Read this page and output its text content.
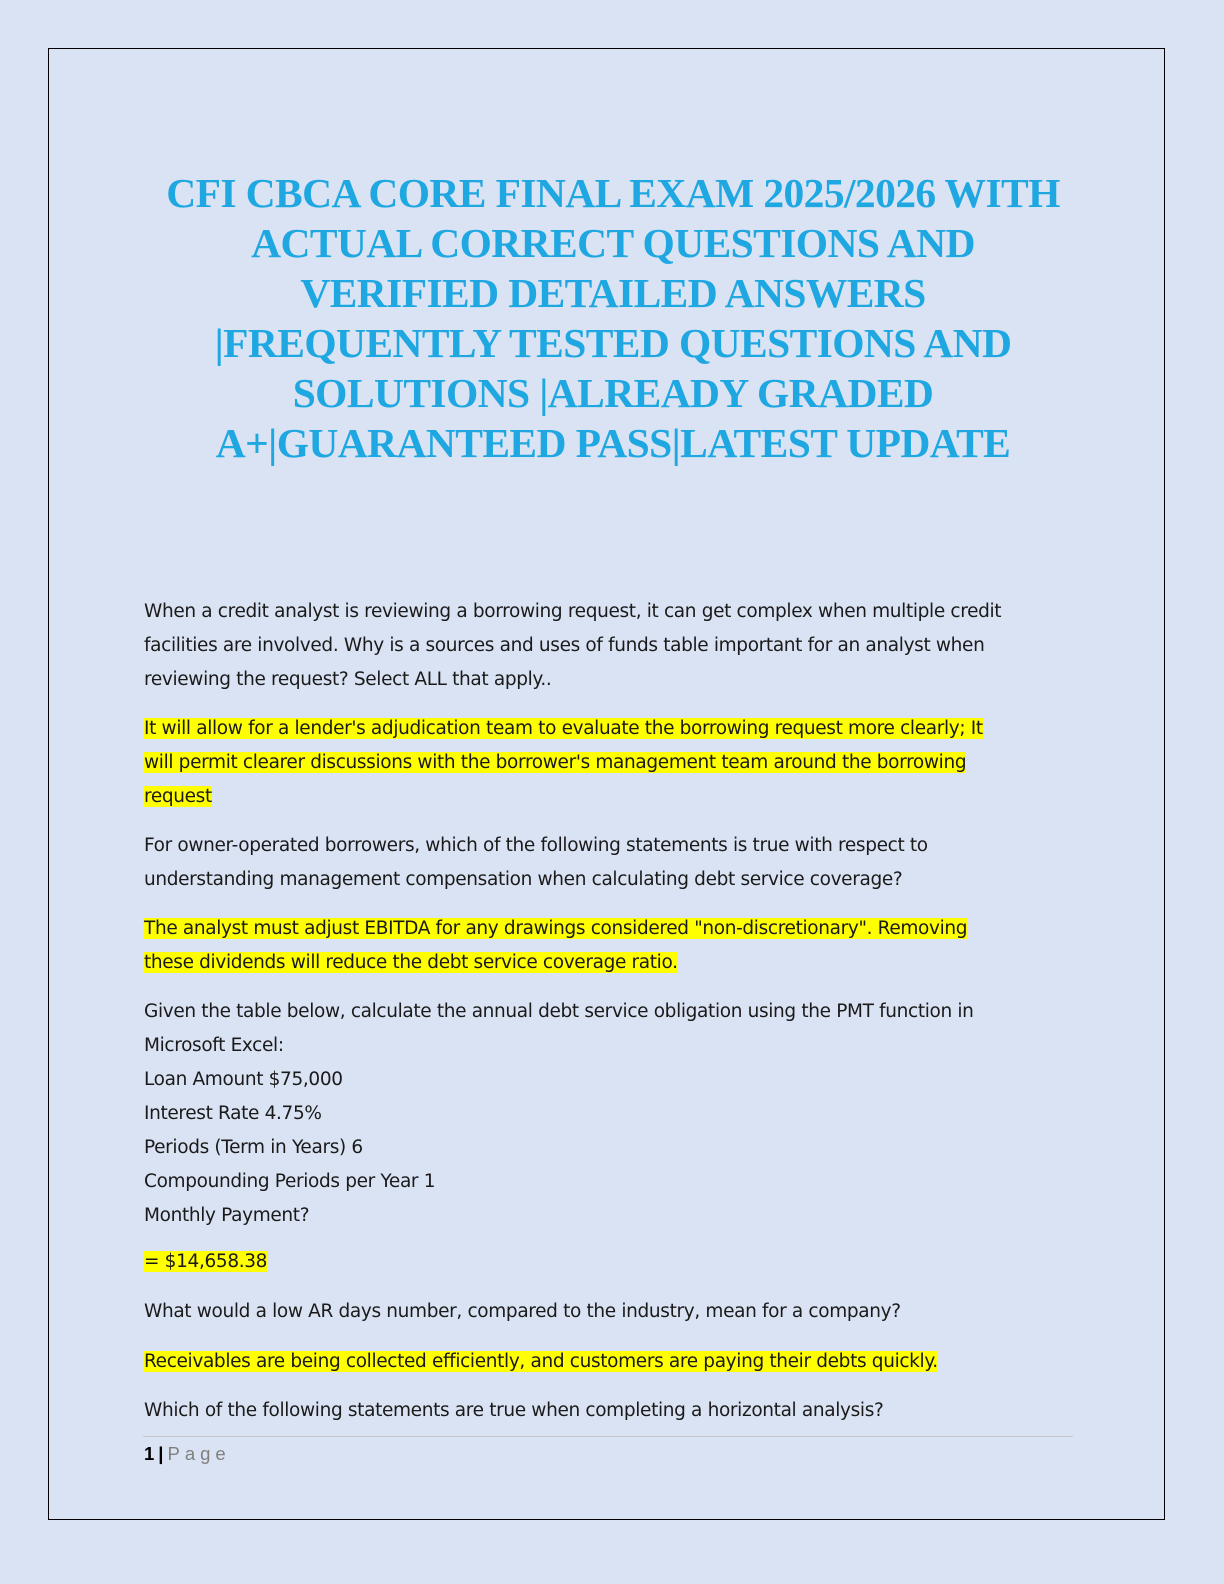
CFI CBCA CORE FINAL EXAM 2025/2026 WITH
ACTUAL CORRECT QUESTIONS AND
VERIFIED DETAILED ANSWERS
|FREQUENTLY TESTED QUESTIONS AND
SOLUTIONS |ALREADY GRADED
A+|GUARANTEED PASS|LATEST UPDATE

When a credit analyst is reviewing a borrowing request, it can get complex when multiple credit
facilities are involved. Why is a sources and uses of funds table important for an analyst when
reviewing the request? Select ALL that apply..

It will allow for a lender's adjudication team to evaluate the borrowing request more clearly; It
will permit clearer discussions with the borrower's management team around the borrowing
request

For owner-operated borrowers, which of the following statements is true with respect to
understanding management compensation when calculating debt service coverage?

The analyst must adjust EBITDA for any drawings considered "non-discretionary". Removing
these dividends will reduce the debt service coverage ratio.

Given the table below, calculate the annual debt service obligation using the PMT function in
Microsoft Excel:
Loan Amount $75,000
Interest Rate 4.75%
Periods (Term in Years) 6
Compounding Periods per Year 1
Monthly Payment?

= $14,658.38

What would a low AR days number, compared to the industry, mean for a company?

Receivables are being collected efficiently, and customers are paying their debts quickly.

Which of the following statements are true when completing a horizontal analysis?

1 | Page
